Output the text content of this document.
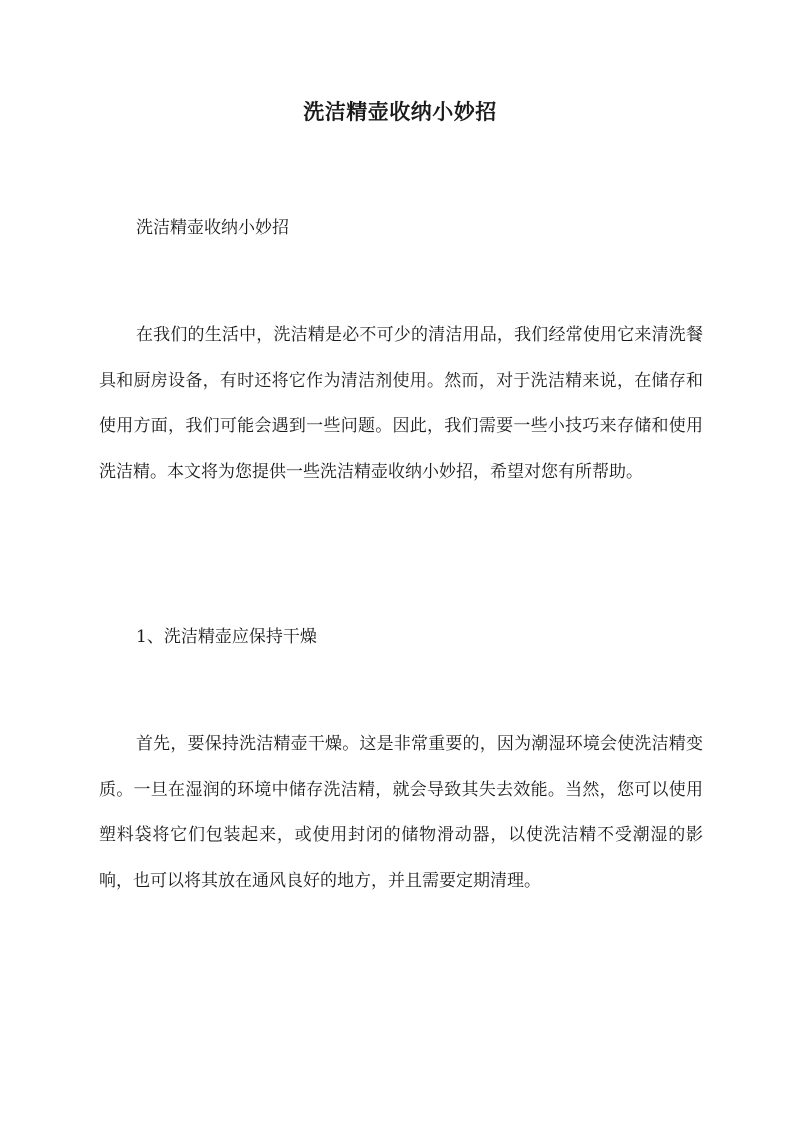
洗洁精壶收纳小妙招

洗洁精壶收纳小妙招

在我们的生活中，洗洁精是必不可少的清洁用品，我们经常使用它来清洗餐具和厨房设备，有时还将它作为清洁剂使用。然而，对于洗洁精来说，在储存和使用方面，我们可能会遇到一些问题。因此，我们需要一些小技巧来存储和使用洗洁精。本文将为您提供一些洗洁精壶收纳小妙招，希望对您有所帮助。

1、洗洁精壶应保持干燥

首先，要保持洗洁精壶干燥。这是非常重要的，因为潮湿环境会使洗洁精变质。一旦在湿润的环境中储存洗洁精，就会导致其失去效能。当然，您可以使用塑料袋将它们包装起来，或使用封闭的储物滑动器，以使洗洁精不受潮湿的影响，也可以将其放在通风良好的地方，并且需要定期清理。
